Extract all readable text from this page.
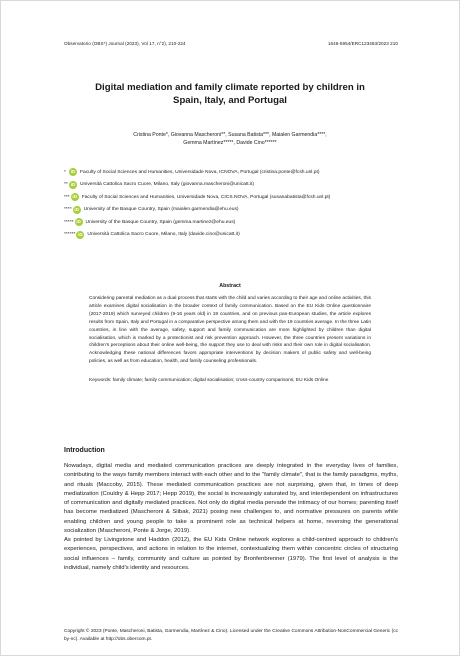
Observatorio (OBS*) Journal (2023), Vol 17, n°2), 210-224	1646-5954/ERC123483/2023 210
Digital mediation and family climate reported by children in
Spain, Italy, and Portugal
Cristina Ponte*, Giovanna Mascheroni**, Susana Batista***, Maialen Garmendia****,
Gemma Martínez*****, Davide Cino******
*	iD Faculty of Social Sciences and Humanities, Universidade Nova, ICNOVA, Portugal (cristina.ponte@fcsh.unl.pt)
** iD Università Cattolica Sacro Cuore, Milano, Italy (giovanna.mascheroni@unicatt.it)
*** iD Faculty of Social Sciences and Humanities, Universidade Nova, CICS.NOVA, Portugal (susanabatista@fcsh.unl.pt)
**** iD University of the Basque Country, Spain (maialen.garmendia@ehu.eus)
***** iD University of the Basque Country, Spain (gemma.martinez@ehu.eus)
****** iD Università Cattolica Sacro Cuore, Milano, Italy (davide.cino@unicatt.it)
Abstract
Considering parental mediation as a dual process that starts with the child and varies according to their age and online activities, this article examines digital socialisation in the broader context of family communication. Based on the EU Kids Online questionnaire (2017-2019) which surveyed children (9-16 years old) in 19 countries, and on previous pan-European studies, the article explores results from Spain, Italy and Portugal in a comparative perspective among them and with the 19 countries average. In the three Latin countries, in line with the average, safety, support and family communication are more highlighted by children than digital socialisation, which is marked by a protectionist and risk prevention approach. However, the three countries present variations in children's perceptions about their online well-being, the support they use to deal with risks and their own role in digital socialisation. Acknowledging these national differences favors appropriate interventions by decision makers of public safety and well-being policies, as well as from education, health, and family counseling professionals.
Keywords: family climate; family communication; digital socialisation; cross-country comparisons; EU Kids Online
Introduction

Nowadays, digital media and mediated communication practices are deeply integrated in the everyday lives of families, contributing to the ways family members interact with each other and to the "family climate", that is the family paradigms, myths, and rituals (Maccoby, 2015). These mediated communication practices are not surprising, given that, in times of deep mediatization (Couldry & Hepp 2017; Hepp 2019), the social is increasingly saturated by, and interdependent on infrastructures of communication and digitally mediated practices. Not only do digital media pervade the intimacy of our homes; parenting itself has become mediatized (Mascheroni & Siibak, 2021) posing new challenges to, and normative pressures on parents while enabling children and young people to take a prominent role as technical helpers at home, reversing the generational socialization (Mascheroni, Ponte & Jorge, 2019).

As pointed by Livingstone and Haddon (2012), the EU Kids Online network explores a child-centred approach to children's experiences, perspectives, and actions in relation to the internet, contextualizing them within concentric circles of structuring social influences – family, community and culture as pointed by Bronfenbrenner (1979). The first level of analysis is the individual, namely child's identity and resources.

Copyright © 2023 (Ponte, Mascheroni, Batista, Garmendia, Martínez & Cino). Licensed under the Creative Commons Attribution-NonCommercial Generic (cc by-nc). Available at http://obs.obercom.pt.
